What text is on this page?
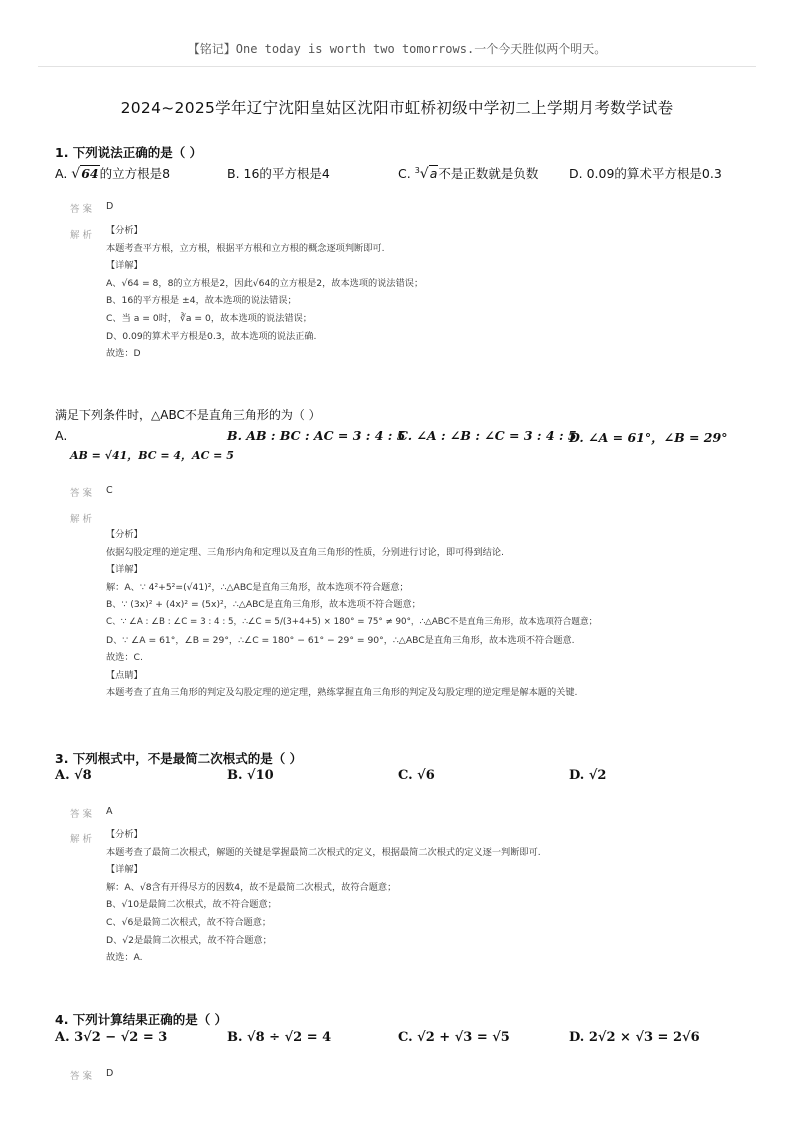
【铭记】One today is worth two tomorrows.一个今天胜似两个明天。
2024~2025学年辽宁沈阳皇姑区沈阳市虹桥初级中学初二上学期月考数学试卷
1. 下列说法正确的是（ ）
A. √64的立方根是8	B. 16的平方根是4	C. $^3$√a不是正数就是负数 D. 0.09的算术平方根是0.3
答案 D
解析 【分析】
本题考查平方根，立方根，根据平方根和立方根的概念逐项判断即可.
【详解】
A、√64 = 8，8的立方根是2，因此√64的立方根是2，故本选项的说法错误；
B、16的平方根是 ±4，故本选项的说法错误；
C、当 a = 0时， ∛a = 0，故本选项的说法错误；
D、0.09的算术平方根是0.3，故本选项的说法正确.
故选：D
满足下列条件时，△ABC不是直角三角形的为（ ）
A.
AB = √41，BC = 4，AC = 5
B. AB : BC : AC = 3 : 4 : 5
C. ∠A : ∠B : ∠C = 3 : 4 : 5
D. ∠A = 61°，∠B = 29°
答案 C
解析
【分析】
依据勾股定理的逆定理、三角形内角和定理以及直角三角形的性质，分别进行讨论，即可得到结论.
【详解】
解：A、∵ 4²+5²=(√41)²，∴△ABC是直角三角形，故本选项不符合题意；
B、∵ (3x)² + (4x)² = (5x)²，∴△ABC是直角三角形，故本选项不符合题意；
C、∵ ∠A : ∠B : ∠C = 3 : 4 : 5，∴∠C = 5/(3+4+5) × 180° = 75° ≠ 90°，∴△ABC不是直角三角形，故本选项符合题意；
D、∵ ∠A = 61°，∠B = 29°，∴∠C = 180° − 61° − 29° = 90°，∴△ABC是直角三角形，故本选项不符合题意.
故选：C.
【点睛】
本题考查了直角三角形的判定及勾股定理的逆定理，熟练掌握直角三角形的判定及勾股定理的逆定理是解本题的关键.
3. 下列根式中，不是最简二次根式的是（ ）
A. √8	B. √10	C. √6	D. √2
答案 A
解析 【分析】
本题考查了最简二次根式，解题的关键是掌握最简二次根式的定义，根据最简二次根式的定义逐一判断即可.
【详解】
解：A、√8含有开得尽方的因数4，故不是最简二次根式，故符合题意；
B、√10是最简二次根式，故不符合题意；
C、√6是最简二次根式，故不符合题意；
D、√2是最简二次根式，故不符合题意；
故选：A.
4. 下列计算结果正确的是（ ）
A. 3√2 − √2 = 3	B. √8 ÷ √2 = 4	C. √2 + √3 = √5	D. 2√2 × √3 = 2√6
答案 D
